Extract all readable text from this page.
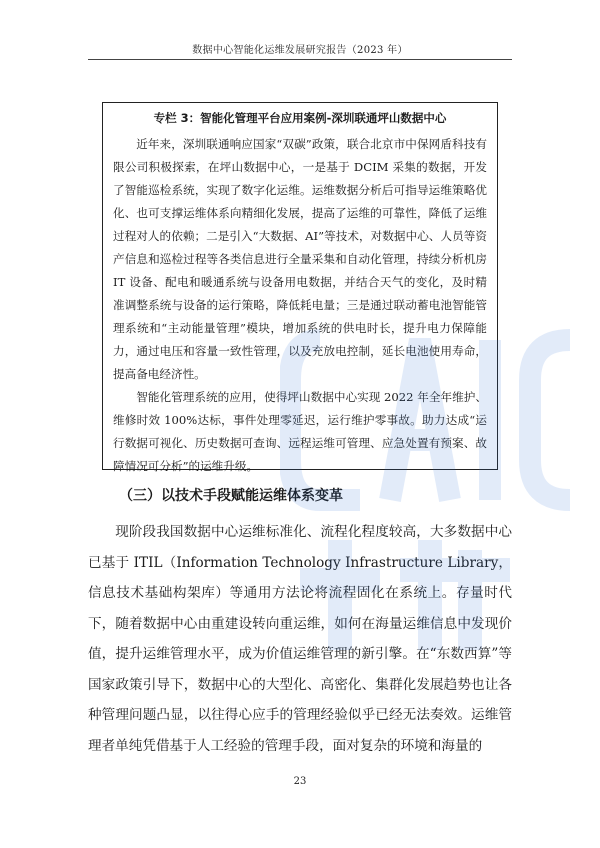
数据中心智能化运维发展研究报告（2023 年）
专栏 3：智能化管理平台应用案例-深圳联通坪山数据中心

近年来，深圳联通响应国家“双碳”政策，联合北京市中保网盾科技有限公司积极探索，在坪山数据中心，一是基于 DCIM 采集的数据，开发了智能巡检系统，实现了数字化运维。运维数据分析后可指导运维策略优化、也可支撑运维体系向精细化发展，提高了运维的可靠性，降低了运维过程对人的依赖；二是引入“大数据、AI”等技术，对数据中心、人员等资产信息和巡检过程等各类信息进行全量采集和自动化管理，持续分析机房 IT 设备、配电和暖通系统与设备用电数据，并结合天气的变化，及时精准调整系统与设备的运行策略，降低耗电量；三是通过联动蓄电池智能管理系统和“主动能量管理”模块，增加系统的供电时长，提升电力保障能力，通过电压和容量一致性管理，以及充放电控制，延长电池使用寿命，提高备电经济性。

智能化管理系统的应用，使得坪山数据中心实现 2022 年全年维护、维修时效 100%达标，事件处理零延迟，运行维护零事故。助力达成“运行数据可视化、历史数据可查询、远程运维可管理、应急处置有预案、故障情况可分析”的运维升级。

（三）以技术手段赋能运维体系变革

现阶段我国数据中心运维标准化、流程化程度较高，大多数据中心已基于 ITIL（Information Technology Infrastructure Library，信息技术基础构架库）等通用方法论将流程固化在系统上。存量时代下，随着数据中心由重建设转向重运维，如何在海量运维信息中发现价值，提升运维管理水平，成为价值运维管理的新引擎。在“东数西算”等国家政策引导下，数据中心的大型化、高密化、集群化发展趋势也让各种管理问题凸显，以往得心应手的管理经验似乎已经无法奏效。运维管理者单纯凭借基于人工经验的管理手段，面对复杂的环境和海量的

23
